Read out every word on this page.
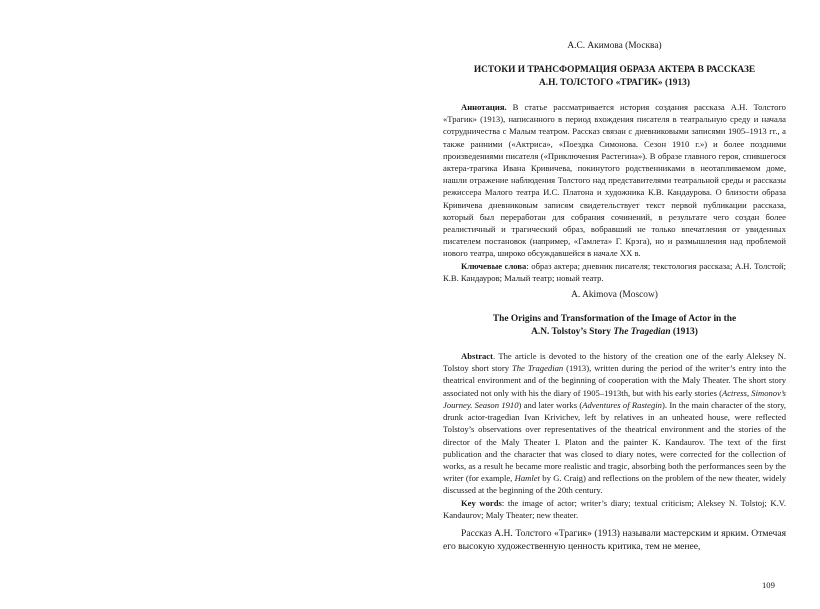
А.С. Акимова (Москва)

ИСТОКИ И ТРАНСФОРМАЦИЯ ОБРАЗА АКТЕРА В РАССКАЗЕ
А.Н. ТОЛСТОГО «ТРАГИК» (1913)

Аннотация. В статье рассматривается история создания рассказа А.Н. Толстого «Трагик» (1913), написанного в период вхождения писателя в театральную среду и начала сотрудничества с Малым театром. Рассказ связан с дневниковыми записями 1905–1913 гг., а также ранними («Актриса», «Поездка Симонова. Сезон 1910 г.») и более поздними произведениями писателя («Приключения Растегина»). В образе главного героя, спившегося актера-трагика Ивана Кривичева, покинутого родственниками в неотапливаемом доме, нашли отражение наблюдения Толстого над представителями театральной среды и рассказы режиссера Малого театра И.С. Платона и художника К.В. Кандаурова. О близости образа Кривичева дневниковым записям свидетельствует текст первой публикации рассказа, который был переработан для собрания сочинений, в результате чего создан более реалистичный и трагический образ, вобравший не только впечатления от увиденных писателем постановок (например, «Гамлета» Г. Крэга), но и размышления над проблемой нового театра, широко обсуждавшейся в начале XX в.

Ключевые слова: образ актера; дневник писателя; текстология рассказа; А.Н. Толстой; К.В. Кандауров; Малый театр; новый театр.

A. Akimova (Moscow)

The Origins and Transformation of the Image of Actor in the
A.N. Tolstoy’s Story The Tragedian (1913)

Abstract. The article is devoted to the history of the creation one of the early Aleksey N. Tolstoy short story The Tragedian (1913), written during the period of the writer’s entry into the theatrical environment and of the beginning of cooperation with the Maly Theater. The short story associated not only with his the diary of 1905–1913th, but with his early stories (Actress, Simonov’s Journey. Season 1910) and later works (Adventures of Rastegin). In the main character of the story, drunk actor-tragedian Ivan Krivichev, left by relatives in an unheated house, were reflected Tolstoy’s observations over representatives of the theatrical environment and the stories of the director of the Maly Theater I. Platon and the painter K. Kandaurov. The text of the first publication and the character that was closed to diary notes, were corrected for the collection of works, as a result he became more realistic and tragic, absorbing both the performances seen by the writer (for example, Hamlet by G. Craig) and reflections on the problem of the new theater, widely discussed at the beginning of the 20th century.

Key words: the image of actor; writer’s diary; textual criticism; Aleksey N. Tolstoj; K.V. Kandaurov; Maly Theater; new theater.

Рассказ А.Н. Толстого «Трагик» (1913) называли мастерским и ярким. Отмечая его высокую художественную ценность критика, тем не менее,

109
